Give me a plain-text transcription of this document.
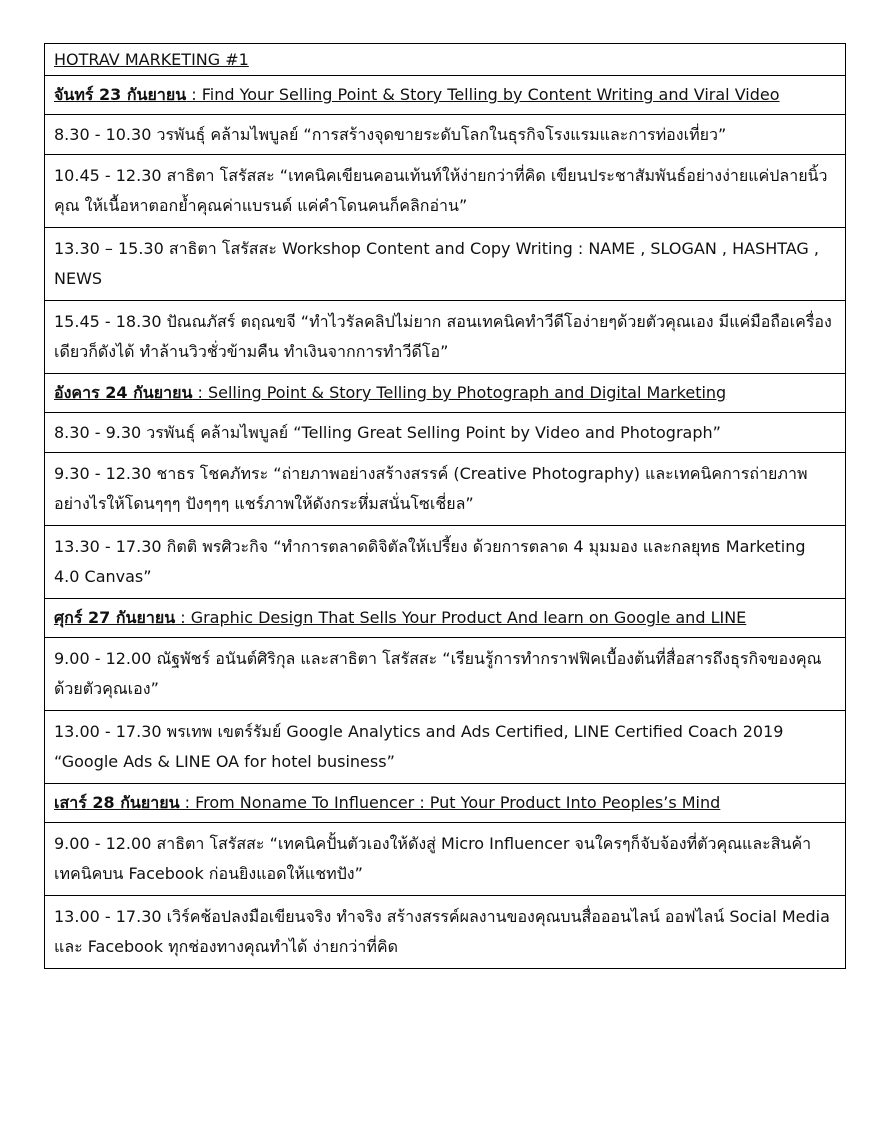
HOTRAV MARKETING #1
จันทร์ 23 กันยายน : Find Your Selling Point & Story Telling by Content Writing and Viral Video
8.30 - 10.30 วรพันธุ์ คล้ามไพบูลย์ “การสร้างจุดขายระดับโลกในธุรกิจโรงแรมและการท่องเที่ยว”
10.45 - 12.30 สาธิตา โสรัสสะ “เทคนิคเขียนคอนเท้นท์ให้ง่ายกว่าที่คิด เขียนประชาสัมพันธ์อย่างง่ายแค่ปลายนิ้วคุณ ให้เนื้อหาตอกย้ำคุณค่าแบรนด์ แค่คำโดนคนก็คลิกอ่าน”
13.30 – 15.30 สาธิตา โสรัสสะ Workshop Content and Copy Writing : NAME , SLOGAN , HASHTAG , NEWS
15.45 - 18.30 ปัณณภัสร์ ตฤณขจี “ทำไวรัลคลิปไม่ยาก สอนเทคนิคทำวีดีโอง่ายๆด้วยตัวคุณเอง มีแค่มือถือเครื่องเดียวก็ดังได้ ทำล้านวิวชั่วข้ามคืน ทำเงินจากการทำวีดีโอ”
อังคาร 24 กันยายน : Selling Point & Story Telling by Photograph and Digital Marketing
8.30 - 9.30 วรพันธุ์ คล้ามไพบูลย์ “Telling Great Selling Point by Video and Photograph”
9.30 - 12.30 ชาธร โชคภัทระ “ถ่ายภาพอย่างสร้างสรรค์ (Creative Photography) และเทคนิคการถ่ายภาพอย่างไรให้โดนๆๆๆ ปังๆๆๆ แชร์ภาพให้ดังกระหึ่มสนั่นโซเชี่ยล”
13.30 - 17.30 กิตติ พรศิวะกิจ “ทำการตลาดดิจิตัลให้เปรี้ยง ด้วยการตลาด 4 มุมมอง และกลยุทธ Marketing 4.0 Canvas”
ศุกร์ 27 กันยายน : Graphic Design That Sells Your Product And learn on Google and LINE
9.00 - 12.00 ณัฐพัชร์ อนันต์ศิริกุล และสาธิตา โสรัสสะ “เรียนรู้การทำกราฟฟิคเบื้องต้นที่สื่อสารถึงธุรกิจของคุณด้วยตัวคุณเอง”
13.00 - 17.30 พรเทพ เขตร์รัมย์ Google Analytics and Ads Certified, LINE Certified Coach 2019 “Google Ads & LINE OA for hotel business”
เสาร์ 28 กันยายน : From Noname To Influencer : Put Your Product Into Peoples’s Mind
9.00 - 12.00 สาธิตา โสรัสสะ “เทคนิคปั้นตัวเองให้ดังสู่ Micro Influencer จนใครๆก็จับจ้องที่ตัวคุณและสินค้า เทคนิคบน Facebook ก่อนยิงแอดให้แชทปัง”
13.00 - 17.30 เวิร์คช้อปลงมือเขียนจริง ทำจริง สร้างสรรค์ผลงานของคุณบนสื่อออนไลน์ ออฟไลน์ Social Media และ Facebook ทุกช่องทางคุณทำได้ ง่ายกว่าที่คิด
